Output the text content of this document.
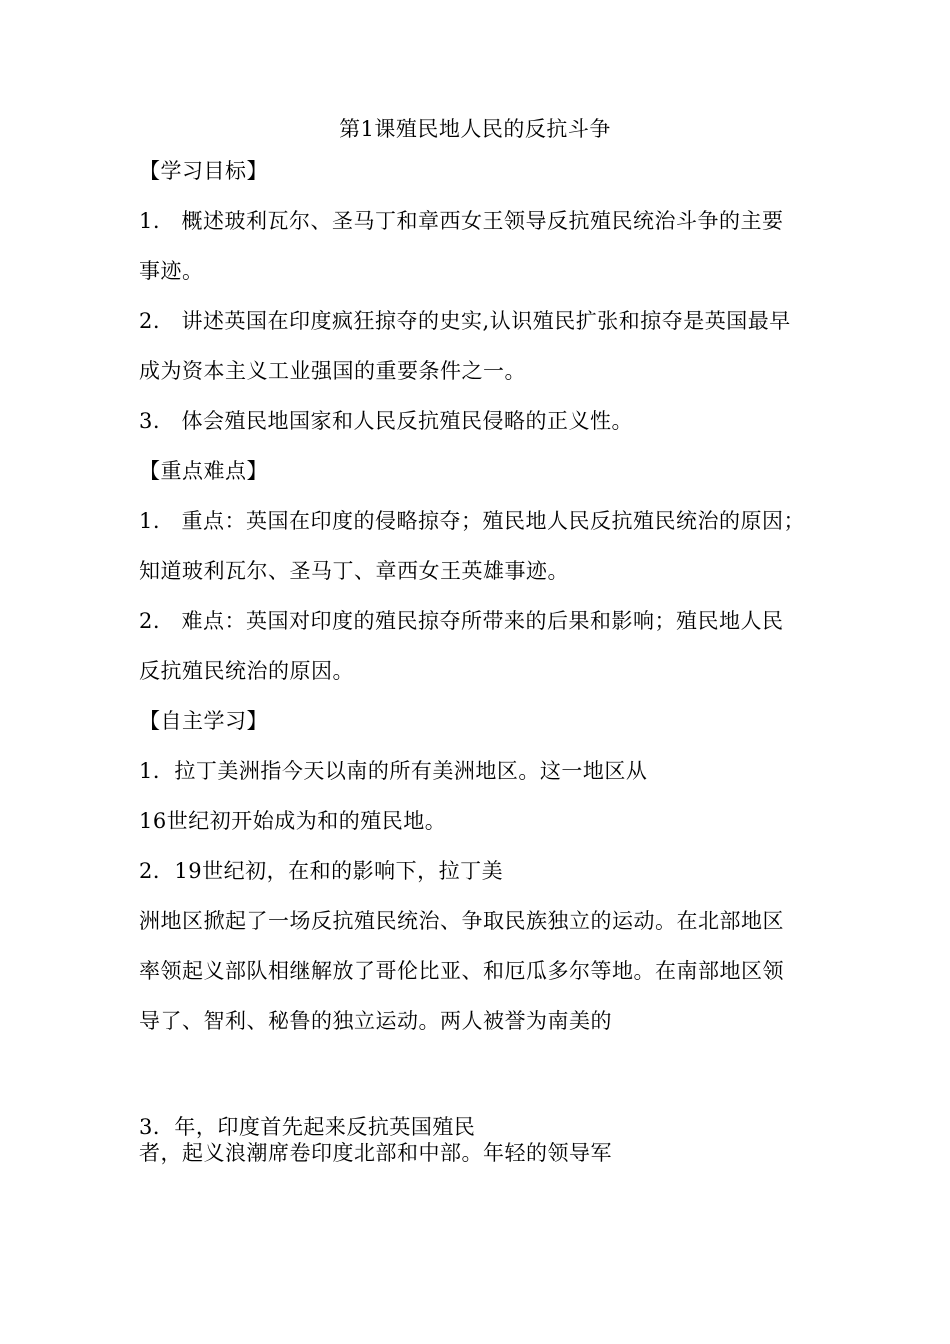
第1课殖民地人民的反抗斗争
【学习目标】
1.　概述玻利瓦尔、圣马丁和章西女王领导反抗殖民统治斗争的主要
事迹。
2.　讲述英国在印度疯狂掠夺的史实,认识殖民扩张和掠夺是英国最早
成为资本主义工业强国的重要条件之一。
3.　体会殖民地国家和人民反抗殖民侵略的正义性。
【重点难点】
1.　重点：英国在印度的侵略掠夺；殖民地人民反抗殖民统治的原因；
知道玻利瓦尔、圣马丁、章西女王英雄事迹。
2.　难点：英国对印度的殖民掠夺所带来的后果和影响；殖民地人民
反抗殖民统治的原因。
【自主学习】
1．拉丁美洲指今天以南的所有美洲地区。这一地区从
16世纪初开始成为和的殖民地。
2．19世纪初，在和的影响下，拉丁美
洲地区掀起了一场反抗殖民统治、争取民族独立的运动。在北部地区
率领起义部队相继解放了哥伦比亚、和厄瓜多尔等地。在南部地区领
导了、智利、秘鲁的独立运动。两人被誉为南美的
3．年，印度首先起来反抗英国殖民
者，起义浪潮席卷印度北部和中部。年轻的领导军
